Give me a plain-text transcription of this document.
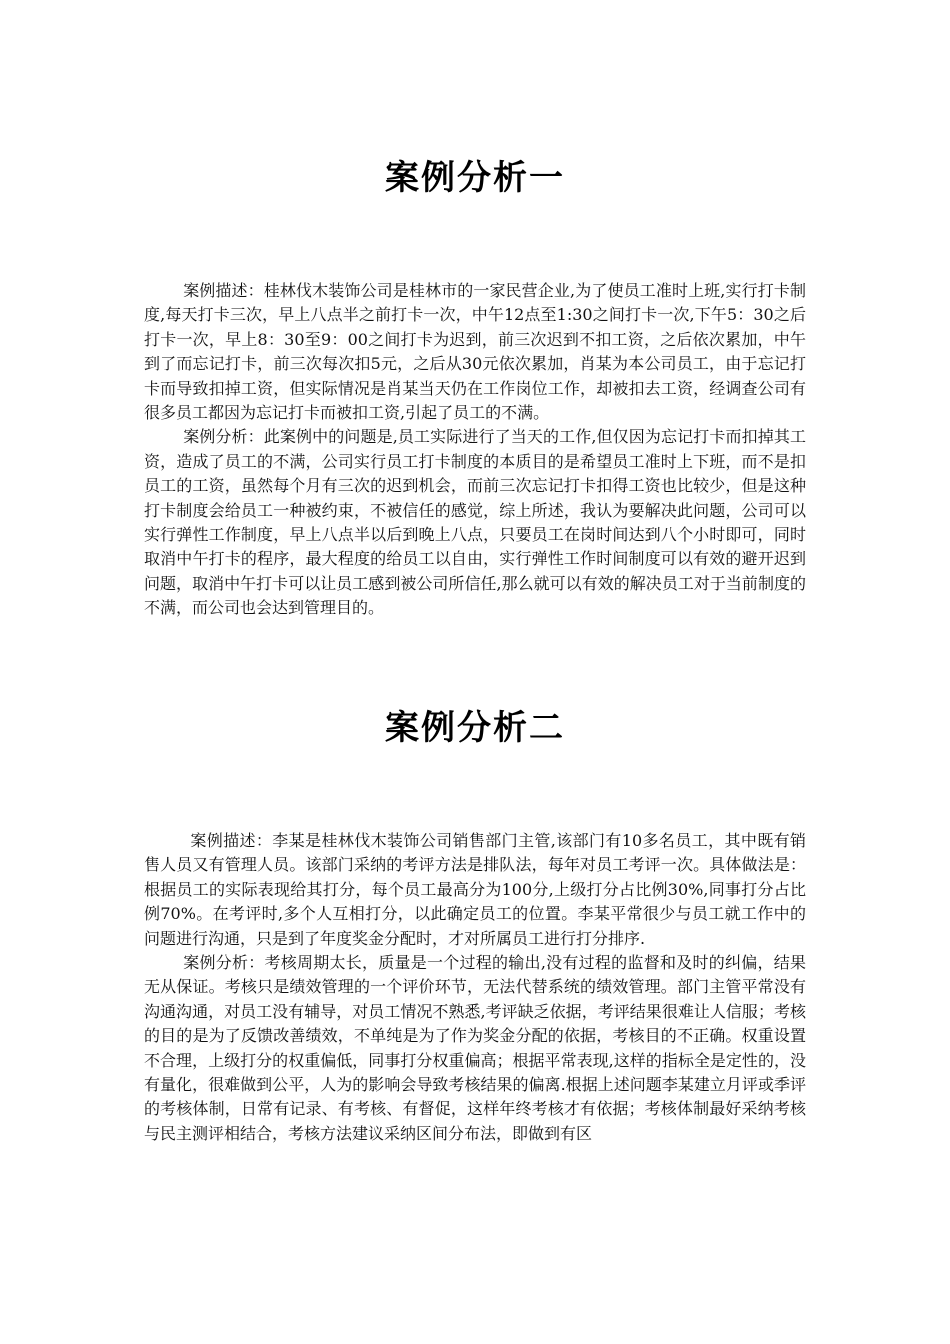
案例分析一

案例描述：桂林伐木装饰公司是桂林市的一家民营企业,为了使员工准时上班,实行打卡制度,每天打卡三次，早上八点半之前打卡一次，中午12点至1:30之间打卡一次,下午5：30之后打卡一次，早上8：30至9：00之间打卡为迟到，前三次迟到不扣工资，之后依次累加，中午到了而忘记打卡，前三次每次扣5元，之后从30元依次累加，肖某为本公司员工，由于忘记打卡而导致扣掉工资，但实际情况是肖某当天仍在工作岗位工作，却被扣去工资，经调查公司有很多员工都因为忘记打卡而被扣工资,引起了员工的不满。

案例分析：此案例中的问题是,员工实际进行了当天的工作,但仅因为忘记打卡而扣掉其工资，造成了员工的不满，公司实行员工打卡制度的本质目的是希望员工准时上下班，而不是扣员工的工资，虽然每个月有三次的迟到机会，而前三次忘记打卡扣得工资也比较少，但是这种打卡制度会给员工一种被约束，不被信任的感觉，综上所述，我认为要解决此问题，公司可以实行弹性工作制度，早上八点半以后到晚上八点，只要员工在岗时间达到八个小时即可，同时取消中午打卡的程序，最大程度的给员工以自由，实行弹性工作时间制度可以有效的避开迟到问题，取消中午打卡可以让员工感到被公司所信任,那么就可以有效的解决员工对于当前制度的不满，而公司也会达到管理目的。

案例分析二

案例描述：李某是桂林伐木装饰公司销售部门主管,该部门有10多名员工，其中既有销售人员又有管理人员。该部门采纳的考评方法是排队法，每年对员工考评一次。具体做法是：根据员工的实际表现给其打分，每个员工最高分为100分,上级打分占比例30%,同事打分占比例70%。在考评时,多个人互相打分，以此确定员工的位置。李某平常很少与员工就工作中的问题进行沟通，只是到了年度奖金分配时，才对所属员工进行打分排序.

案例分析：考核周期太长，质量是一个过程的输出,没有过程的监督和及时的纠偏，结果无从保证。考核只是绩效管理的一个评价环节，无法代替系统的绩效管理。部门主管平常没有沟通沟通，对员工没有辅导，对员工情况不熟悉,考评缺乏依据，考评结果很难让人信服；考核的目的是为了反馈改善绩效，不单纯是为了作为奖金分配的依据，考核目的不正确。权重设置不合理，上级打分的权重偏低，同事打分权重偏高；根据平常表现,这样的指标全是定性的，没有量化，很难做到公平，人为的影响会导致考核结果的偏离.根据上述问题李某建立月评或季评的考核体制，日常有记录、有考核、有督促，这样年终考核才有依据；考核体制最好采纳考核与民主测评相结合，考核方法建议采纳区间分布法，即做到有区
